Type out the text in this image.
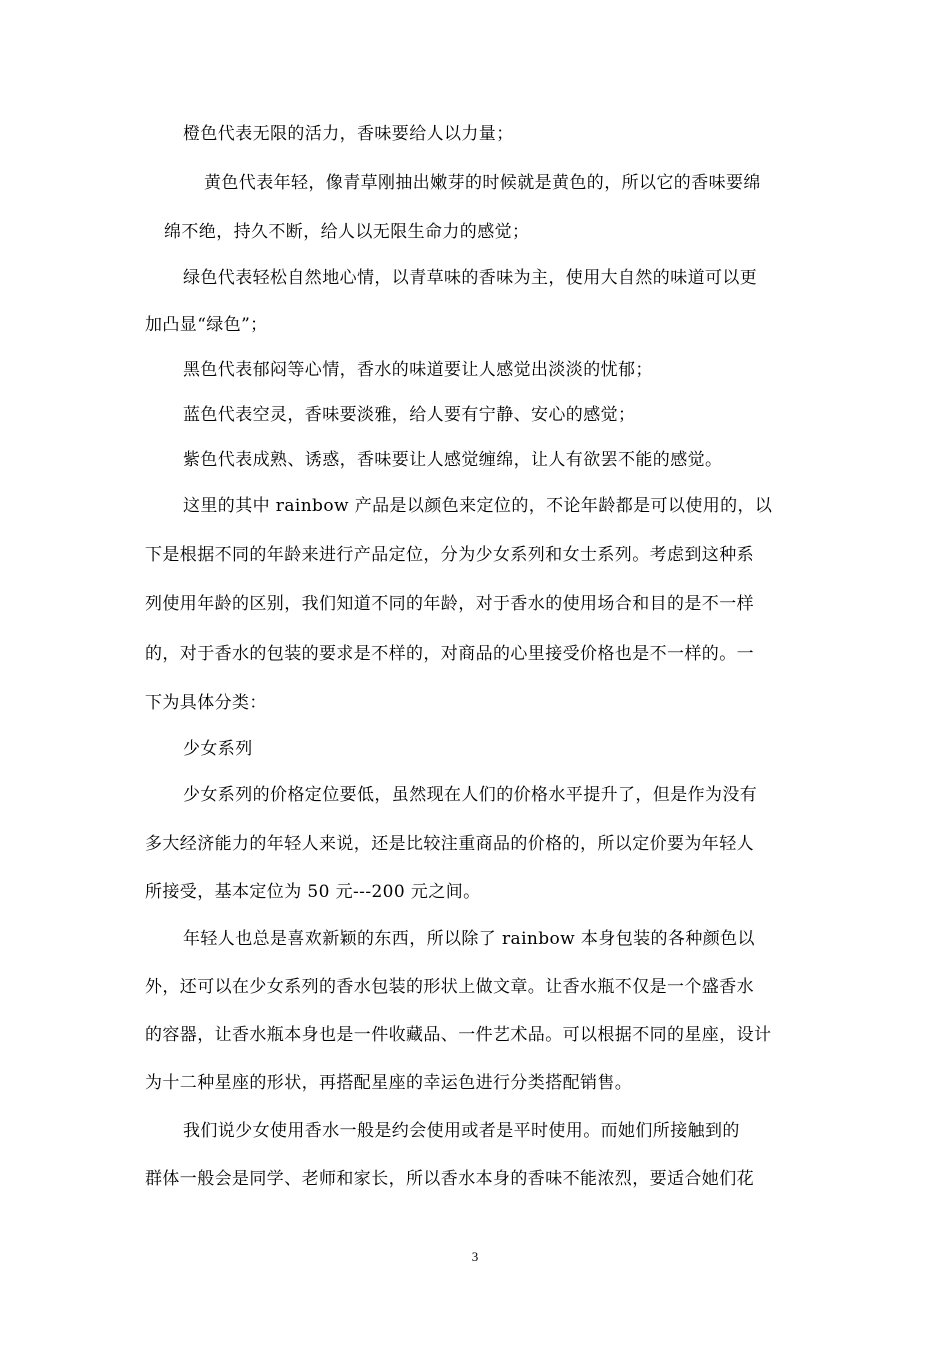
橙色代表无限的活力，香味要给人以力量；
黄色代表年轻，像青草刚抽出嫩芽的时候就是黄色的，所以它的香味要绵
绵不绝，持久不断，给人以无限生命力的感觉；
绿色代表轻松自然地心情，以青草味的香味为主，使用大自然的味道可以更
加凸显“绿色”；
黑色代表郁闷等心情，香水的味道要让人感觉出淡淡的忧郁；
蓝色代表空灵，香味要淡雅，给人要有宁静、安心的感觉；
紫色代表成熟、诱惑，香味要让人感觉缠绵，让人有欲罢不能的感觉。
这里的其中 rainbow 产品是以颜色来定位的，不论年龄都是可以使用的，以
下是根据不同的年龄来进行产品定位，分为少女系列和女士系列。考虑到这种系
列使用年龄的区别，我们知道不同的年龄，对于香水的使用场合和目的是不一样
的，对于香水的包装的要求是不样的，对商品的心里接受价格也是不一样的。一
下为具体分类：
少女系列
少女系列的价格定位要低，虽然现在人们的价格水平提升了，但是作为没有
多大经济能力的年轻人来说，还是比较注重商品的价格的，所以定价要为年轻人
所接受，基本定位为 50 元---200 元之间。
年轻人也总是喜欢新颖的东西，所以除了 rainbow 本身包装的各种颜色以
外，还可以在少女系列的香水包装的形状上做文章。让香水瓶不仅是一个盛香水
的容器，让香水瓶本身也是一件收藏品、一件艺术品。可以根据不同的星座，设计
为十二种星座的形状，再搭配星座的幸运色进行分类搭配销售。
我们说少女使用香水一般是约会使用或者是平时使用。而她们所接触到的
群体一般会是同学、老师和家长，所以香水本身的香味不能浓烈，要适合她们花
3
